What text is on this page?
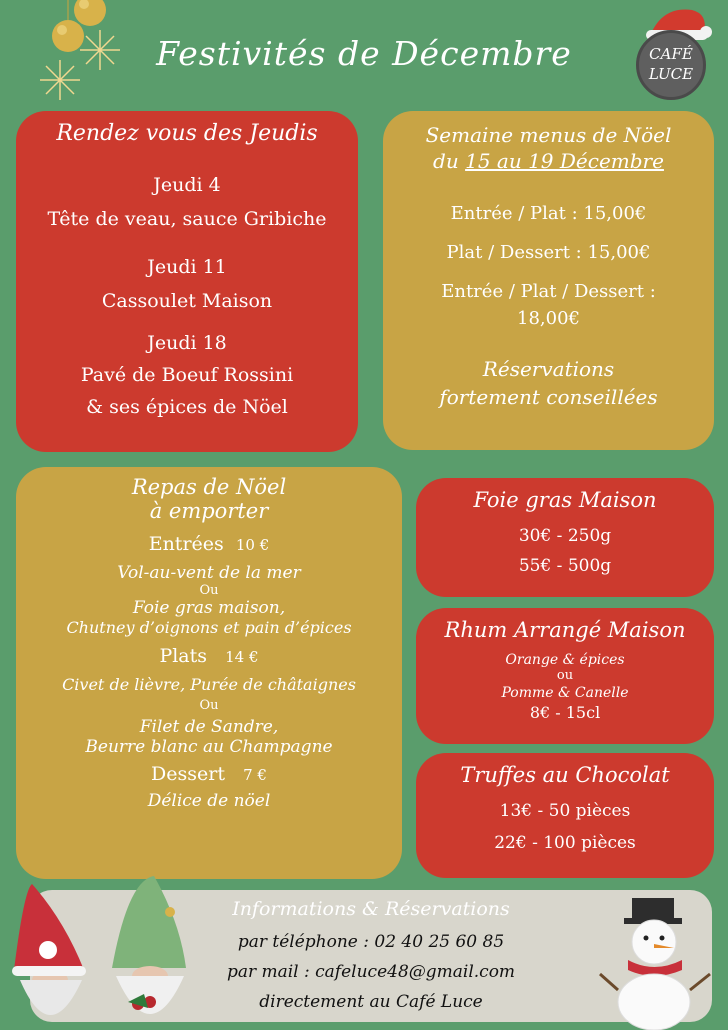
Festivités de Décembre	CAFÉ
LUCE
Rendez vous des Jeudis
Jeudi 4
Tête de veau, sauce Gribiche
Jeudi 11
Cassoulet Maison
Jeudi 18
Pavé de Boeuf Rossini
& ses épices de Nöel
Semaine menus de Nöel
du 15 au 19 Décembre
Entrée / Plat : 15,00€
Plat / Dessert : 15,00€
Entrée / Plat / Dessert :
18,00€
Réservations
fortement conseillées
Repas de Nöel
à emporter
Entrées 10 €
Vol-au-vent de la mer
Ou
Foie gras maison,
Chutney d’oignons et pain d’épices
Plats 14 €
Civet de lièvre, Purée de châtaignes
Ou
Filet de Sandre,
Beurre blanc au Champagne
Dessert 7 €
Délice de nöel
Foie gras Maison
30€ - 250g
55€ - 500g
Rhum Arrangé Maison
Orange & épices
ou
Pomme & Canelle
8€ - 15cl
Truffes au Chocolat
13€ - 50 pièces
22€ - 100 pièces
Informations & Réservations
par téléphone : 02 40 25 60 85
par mail : cafeluce48@gmail.com
directement au Café Luce
